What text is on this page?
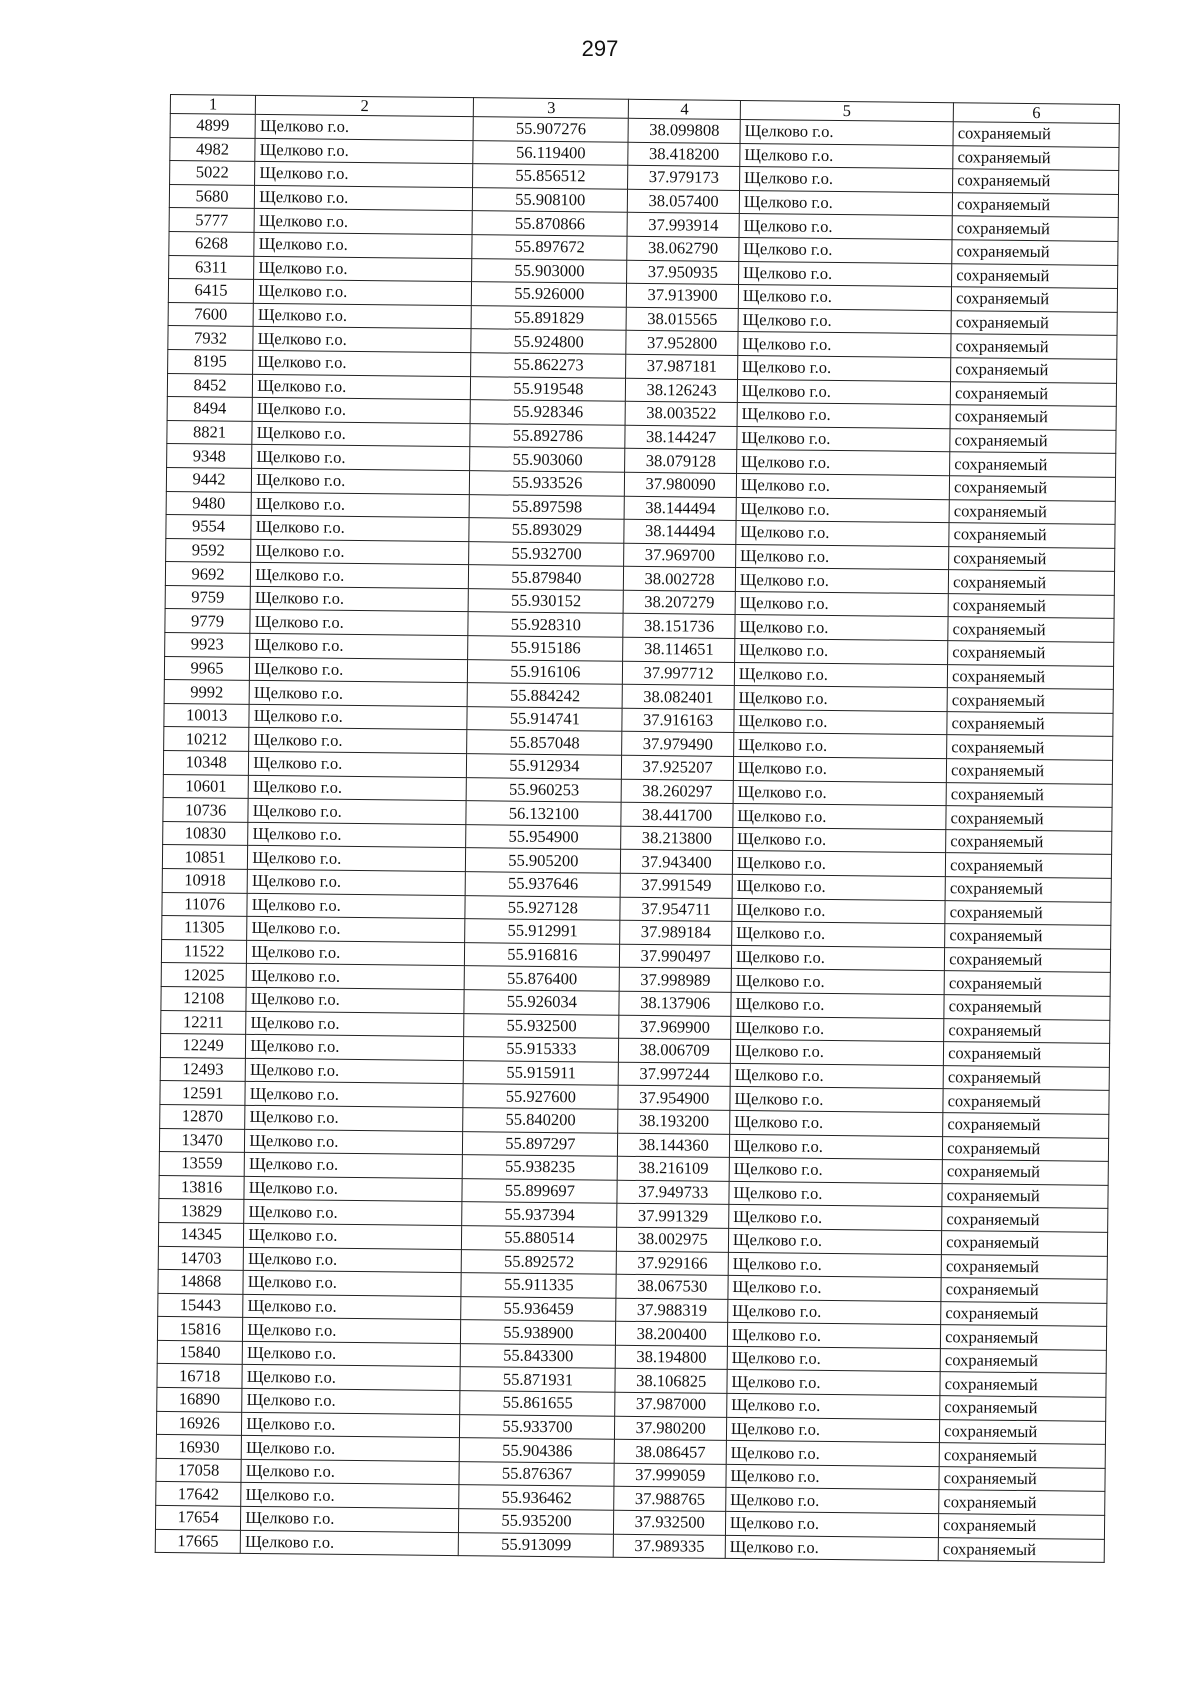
297
1	2	3	4	5	6
4899	Щелково г.о.	55.907276	38.099808	Щелково г.о.	сохраняемый
4982	Щелково г.о.	56.119400	38.418200	Щелково г.о.	сохраняемый
5022	Щелково г.о.	55.856512	37.979173	Щелково г.о.	сохраняемый
5680	Щелково г.о.	55.908100	38.057400	Щелково г.о.	сохраняемый
5777	Щелково г.о.	55.870866	37.993914	Щелково г.о.	сохраняемый
6268	Щелково г.о.	55.897672	38.062790	Щелково г.о.	сохраняемый
6311	Щелково г.о.	55.903000	37.950935	Щелково г.о.	сохраняемый
6415	Щелково г.о.	55.926000	37.913900	Щелково г.о.	сохраняемый
7600	Щелково г.о.	55.891829	38.015565	Щелково г.о.	сохраняемый
7932	Щелково г.о.	55.924800	37.952800	Щелково г.о.	сохраняемый
8195	Щелково г.о.	55.862273	37.987181	Щелково г.о.	сохраняемый
8452	Щелково г.о.	55.919548	38.126243	Щелково г.о.	сохраняемый
8494	Щелково г.о.	55.928346	38.003522	Щелково г.о.	сохраняемый
8821	Щелково г.о.	55.892786	38.144247	Щелково г.о.	сохраняемый
9348	Щелково г.о.	55.903060	38.079128	Щелково г.о.	сохраняемый
9442	Щелково г.о.	55.933526	37.980090	Щелково г.о.	сохраняемый
9480	Щелково г.о.	55.897598	38.144494	Щелково г.о.	сохраняемый
9554	Щелково г.о.	55.893029	38.144494	Щелково г.о.	сохраняемый
9592	Щелково г.о.	55.932700	37.969700	Щелково г.о.	сохраняемый
9692	Щелково г.о.	55.879840	38.002728	Щелково г.о.	сохраняемый
9759	Щелково г.о.	55.930152	38.207279	Щелково г.о.	сохраняемый
9779	Щелково г.о.	55.928310	38.151736	Щелково г.о.	сохраняемый
9923	Щелково г.о.	55.915186	38.114651	Щелково г.о.	сохраняемый
9965	Щелково г.о.	55.916106	37.997712	Щелково г.о.	сохраняемый
9992	Щелково г.о.	55.884242	38.082401	Щелково г.о.	сохраняемый
10013	Щелково г.о.	55.914741	37.916163	Щелково г.о.	сохраняемый
10212	Щелково г.о.	55.857048	37.979490	Щелково г.о.	сохраняемый
10348	Щелково г.о.	55.912934	37.925207	Щелково г.о.	сохраняемый
10601	Щелково г.о.	55.960253	38.260297	Щелково г.о.	сохраняемый
10736	Щелково г.о.	56.132100	38.441700	Щелково г.о.	сохраняемый
10830	Щелково г.о.	55.954900	38.213800	Щелково г.о.	сохраняемый
10851	Щелково г.о.	55.905200	37.943400	Щелково г.о.	сохраняемый
10918	Щелково г.о.	55.937646	37.991549	Щелково г.о.	сохраняемый
11076	Щелково г.о.	55.927128	37.954711	Щелково г.о.	сохраняемый
11305	Щелково г.о.	55.912991	37.989184	Щелково г.о.	сохраняемый
11522	Щелково г.о.	55.916816	37.990497	Щелково г.о.	сохраняемый
12025	Щелково г.о.	55.876400	37.998989	Щелково г.о.	сохраняемый
12108	Щелково г.о.	55.926034	38.137906	Щелково г.о.	сохраняемый
12211	Щелково г.о.	55.932500	37.969900	Щелково г.о.	сохраняемый
12249	Щелково г.о.	55.915333	38.006709	Щелково г.о.	сохраняемый
12493	Щелково г.о.	55.915911	37.997244	Щелково г.о.	сохраняемый
12591	Щелково г.о.	55.927600	37.954900	Щелково г.о.	сохраняемый
12870	Щелково г.о.	55.840200	38.193200	Щелково г.о.	сохраняемый
13470	Щелково г.о.	55.897297	38.144360	Щелково г.о.	сохраняемый
13559	Щелково г.о.	55.938235	38.216109	Щелково г.о.	сохраняемый
13816	Щелково г.о.	55.899697	37.949733	Щелково г.о.	сохраняемый
13829	Щелково г.о.	55.937394	37.991329	Щелково г.о.	сохраняемый
14345	Щелково г.о.	55.880514	38.002975	Щелково г.о.	сохраняемый
14703	Щелково г.о.	55.892572	37.929166	Щелково г.о.	сохраняемый
14868	Щелково г.о.	55.911335	38.067530	Щелково г.о.	сохраняемый
15443	Щелково г.о.	55.936459	37.988319	Щелково г.о.	сохраняемый
15816	Щелково г.о.	55.938900	38.200400	Щелково г.о.	сохраняемый
15840	Щелково г.о.	55.843300	38.194800	Щелково г.о.	сохраняемый
16718	Щелково г.о.	55.871931	38.106825	Щелково г.о.	сохраняемый
16890	Щелково г.о.	55.861655	37.987000	Щелково г.о.	сохраняемый
16926	Щелково г.о.	55.933700	37.980200	Щелково г.о.	сохраняемый
16930	Щелково г.о.	55.904386	38.086457	Щелково г.о.	сохраняемый
17058	Щелково г.о.	55.876367	37.999059	Щелково г.о.	сохраняемый
17642	Щелково г.о.	55.936462	37.988765	Щелково г.о.	сохраняемый
17654	Щелково г.о.	55.935200	37.932500	Щелково г.о.	сохраняемый
17665	Щелково г.о.	55.913099	37.989335	Щелково г.о.	сохраняемый
